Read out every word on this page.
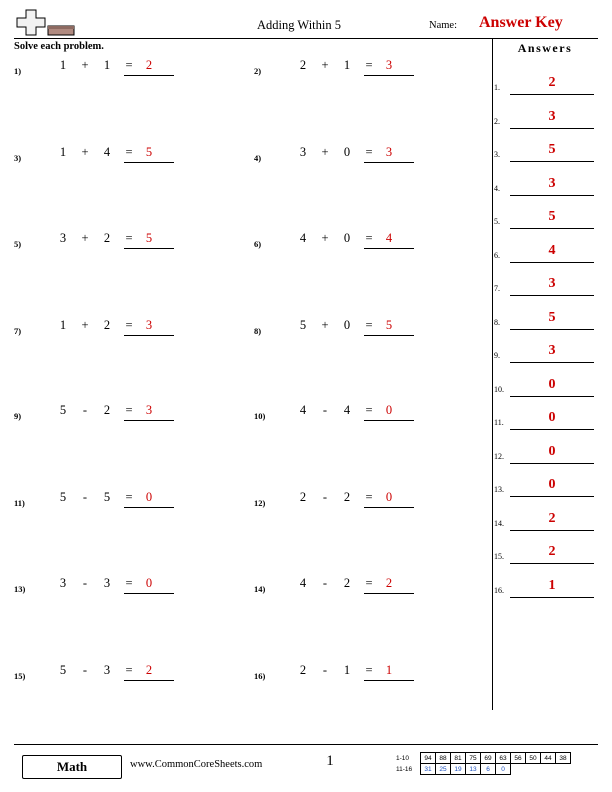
Adding Within 5	Name: Answer Key
Solve each problem.	Answers
1.	2
2.	3
3.	5
4.	3
5.	5
6.	4
7.	3
8.	5
9.	3
10.	0
11.	0
12.	0
13.	0
14.	2
15.	2
16.	1
1)	1 + 1 =	2	2)	2 + 1 =	3
3)	1 + 4 =	5	4)	3 + 0 =	3
5)	3 + 2 =	5	6)	4 + 0 =	4
7)	1 + 2 =	3	8)	5 + 0 =	5
9)	5 - 2 =	3	10)	4 - 4 =	0
11)	5 - 5 =	0	12)	2 - 2 =	0
13)	3 - 3 =	0	14)	4 - 2 =	2
15)	5 - 3 =	2	16)	2 - 1 =	1
Math	www.CommonCoreSheets.com	1	1-10	94	88	81	75	69	63	56	50	44	38
11-16	31	25	19	13	6	0				
